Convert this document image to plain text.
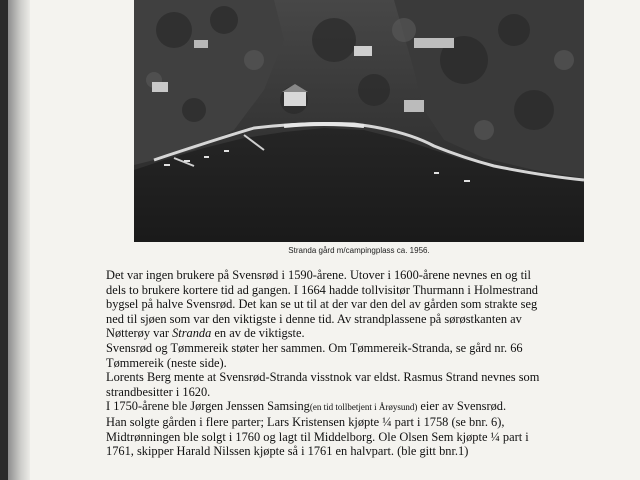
Stranda gård m/campingplass ca. 1956.

Det var ingen brukere på Svensrød i 1590-årene. Utover i 1600-årene nevnes en og til

dels to brukere kortere tid ad gangen. I 1664 hadde tollvisitør Thurmann i Holmestrand

bygsel på halve Svensrød. Det kan se ut til at der var den del av gården som strakte seg

ned til sjøen som var den viktigste i denne tid. Av strandplassene på sørøstkanten av

Nøtterøy var Stranda en av de viktigste.

Svensrød og Tømmereik støter her sammen. Om Tømmereik-Stranda, se gård nr. 66

Tømmereik (neste side).

Lorents Berg mente at Svensrød-Stranda visstnok var eldst. Rasmus Strand nevnes som

strandbesitter i 1620.

I 1750-årene ble Jørgen Jenssen Samsing(en tid tollbetjent i Årøysund) eier av Svensrød.

Han solgte gården i flere parter; Lars Kristensen kjøpte ¼ part i 1758 (se bnr. 6),

Midtrønningen ble solgt i 1760 og lagt til Middelborg. Ole Olsen Sem kjøpte ¼ part i

1761, skipper Harald Nilssen kjøpte så i 1761 en halvpart. (ble gitt bnr.1)
